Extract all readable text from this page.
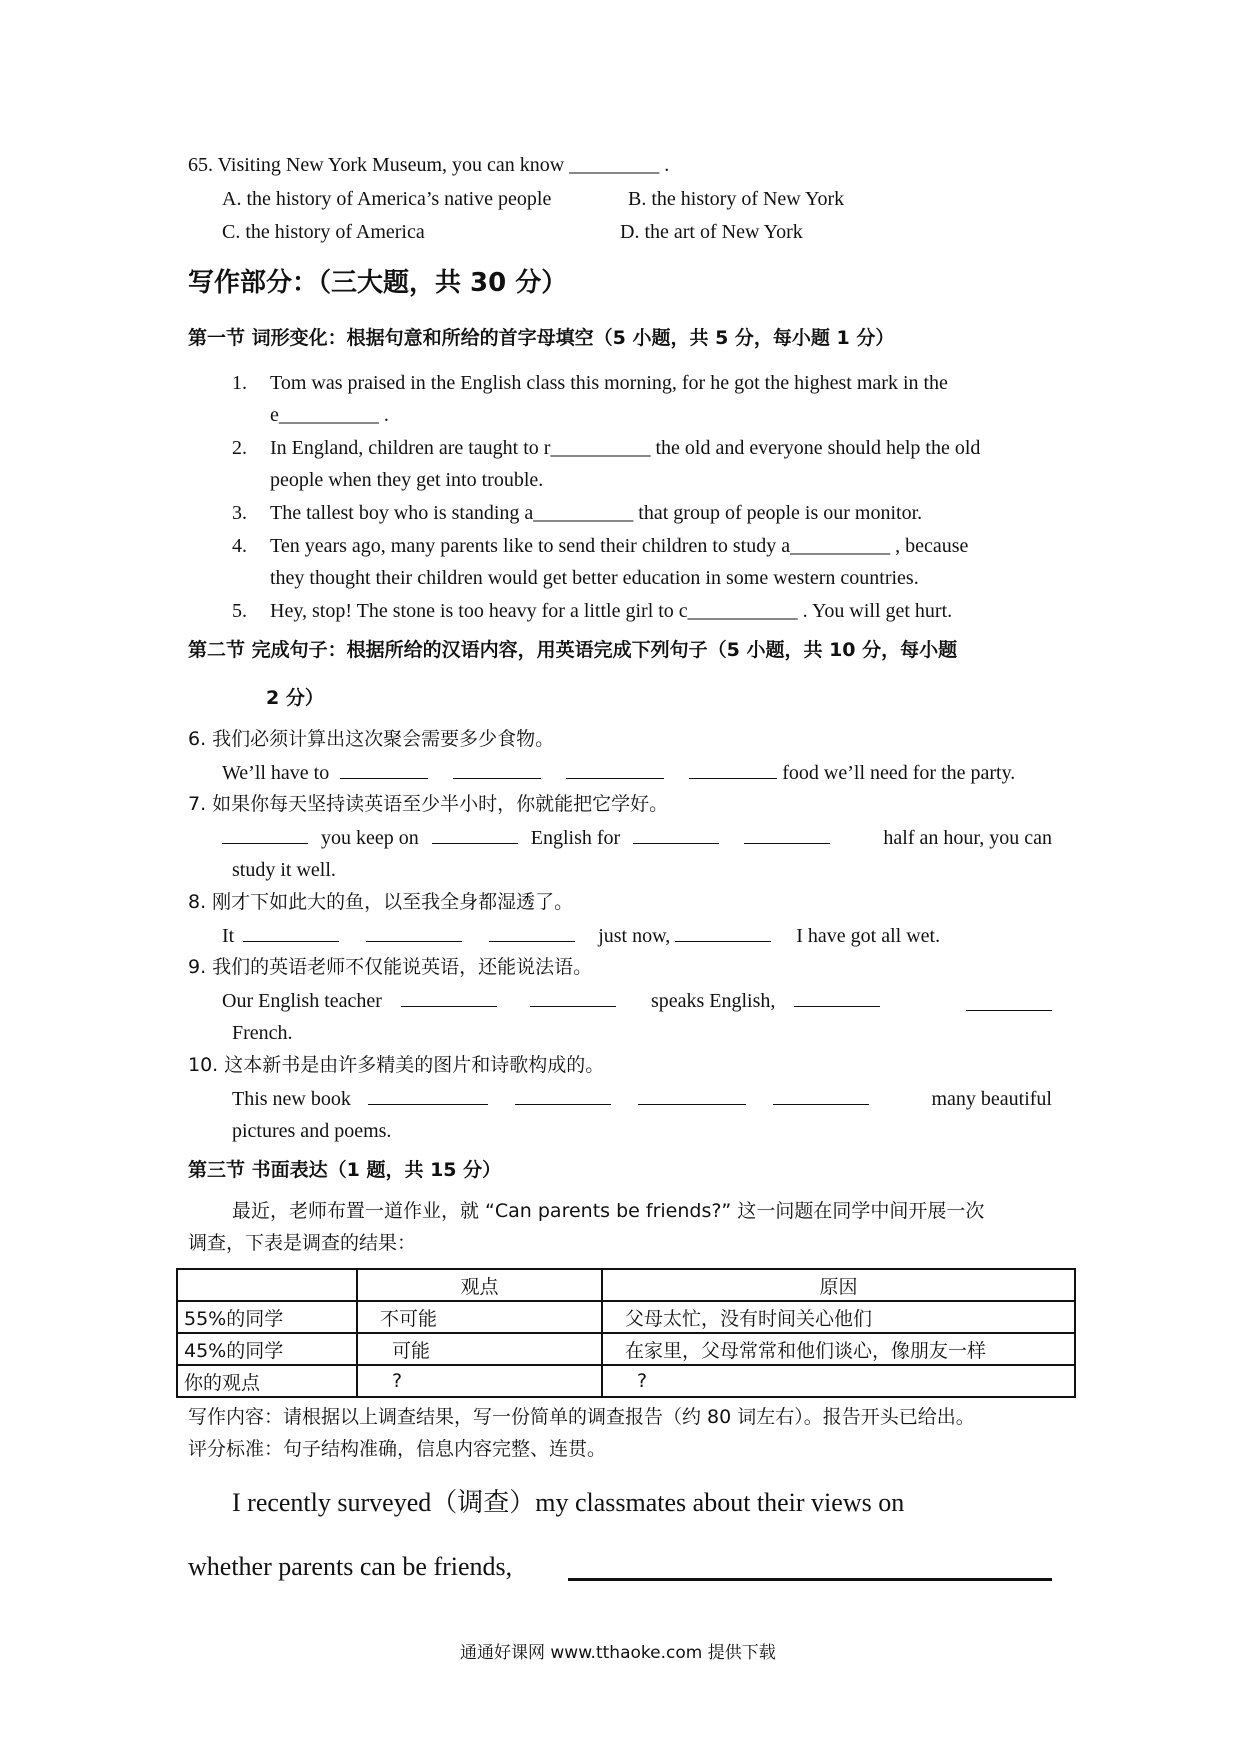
65. Visiting New York Museum, you can know _________ .
A. the history of America’s native people	B. the history of New York
C. the history of America	D. the art of New York
写作部分：（三大题，共 30 分）
第一节 词形变化：根据句意和所给的首字母填空（5 小题，共 5 分，每小题 1 分）
1. Tom was praised in the English class this morning, for he got the highest mark in the
e__________ .
2. In England, children are taught to r__________ the old and everyone should help the old
people when they get into trouble.
3. The tallest boy who is standing a__________ that group of people is our monitor.
4. Ten years ago, many parents like to send their children to study a__________ , because
they thought their children would get better education in some western countries.
5. Hey, stop! The stone is too heavy for a little girl to c___________ . You will get hurt.
第二节 完成句子：根据所给的汉语内容，用英语完成下列句子（5 小题，共 10 分，每小题
2 分）
6. 我们必须计算出这次聚会需要多少食物。
We’ll have to	food we’ll need for the party.
7. 如果你每天坚持读英语至少半小时，你就能把它学好。
you keep on	English for	half an hour, you can
study it well.
8. 刚才下如此大的鱼，以至我全身都湿透了。
It	just now,	I have got all wet.
9. 我们的英语老师不仅能说英语，还能说法语。
Our English teacher	speaks English,
French.
10. 这本新书是由许多精美的图片和诗歌构成的。
This new book	many beautiful
pictures and poems.
第三节 书面表达（1 题，共 15 分）
最近，老师布置一道作业，就 “Can parents be friends?” 这一问题在同学中间开展一次
调查，下表是调查的结果：
	观点	原因
55%的同学	不可能	父母太忙，没有时间关心他们
45%的同学	可能	在家里，父母常常和他们谈心，像朋友一样
你的观点	?	?
写作内容：请根据以上调查结果，写一份简单的调查报告（约 80 词左右）。报告开头已给出。
评分标准：句子结构准确，信息内容完整、连贯。
I recently surveyed（调查）my classmates about their views on
whether parents can be friends,
通通好课网 www.tthaoke.com 提供下载
